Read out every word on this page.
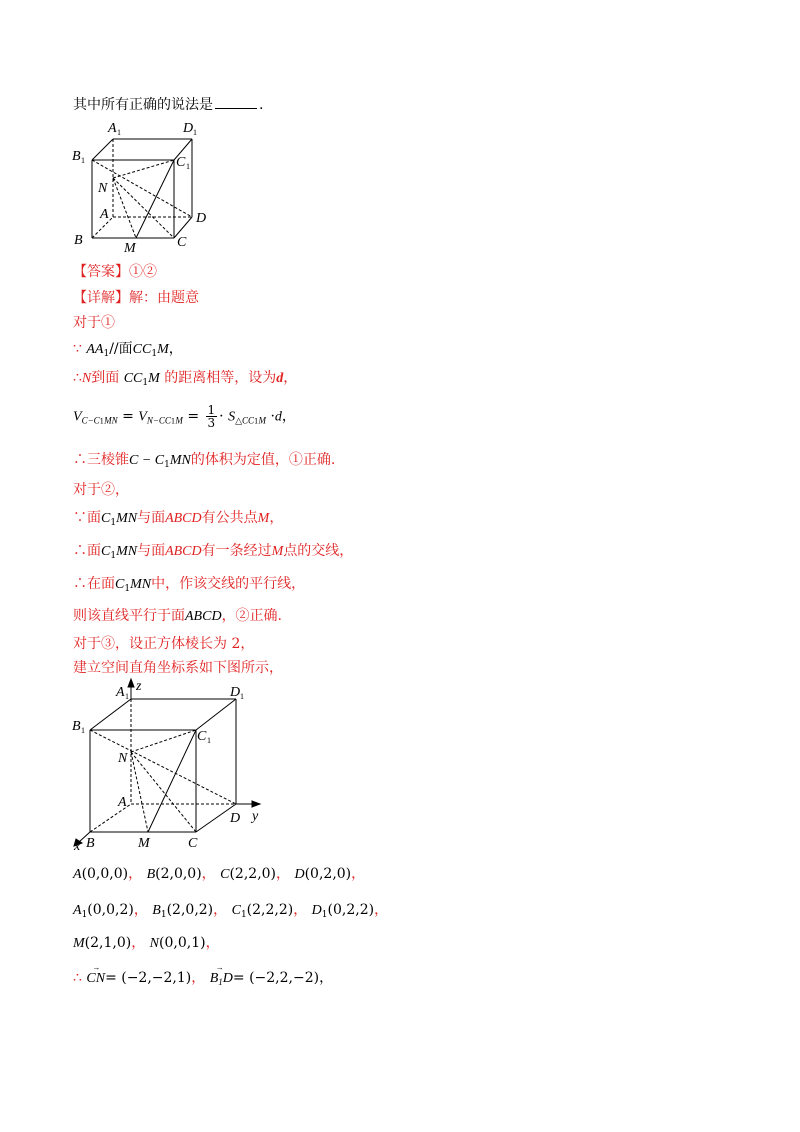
其中所有正确的说法是	.
A 1	D 1
B 1	C 1
N
A	D
B
M	C
【答案】①②
【详解】解：由题意
对于①
∵ $AA_1//$面$CC_1M$，
∴N到面 $CC_1M$ 的距离相等，设为d，
$V_{C-C1MN} = V_{N-CC1M} = \frac{1}{3} \cdot S_{\triangle CC1M} \cdot d$，
∴三棱锥$C - C_1MN$的体积为定值，①正确.
对于②，
∵面$C_1MN$与面ABCD有公共点M，
∴面$C_1MN$与面ABCD有一条经过M点的交线，
∴在面$C_1MN$中，作该交线的平行线，
则该直线平行于面ABCD，②正确.
对于③，设正方体棱长为 2，
建立空间直角坐标系如下图所示，
A 1
z	D 1
B 1	C 1
N
A
D y
x B	M	C
A(0,0,0)， B(2,0,0)， C(2,2,0)， D(0,2,0)，
$A_1(0,0,2)$， $B_1(2,0,2)$， $C_1(2,2,2)$， $D_1(0,2,2)$，
M(2,1,0)， N(0,0,1)，
∴ → CN= (−2,−2,1)， → $B_1D= (-2,2,-2)$，
